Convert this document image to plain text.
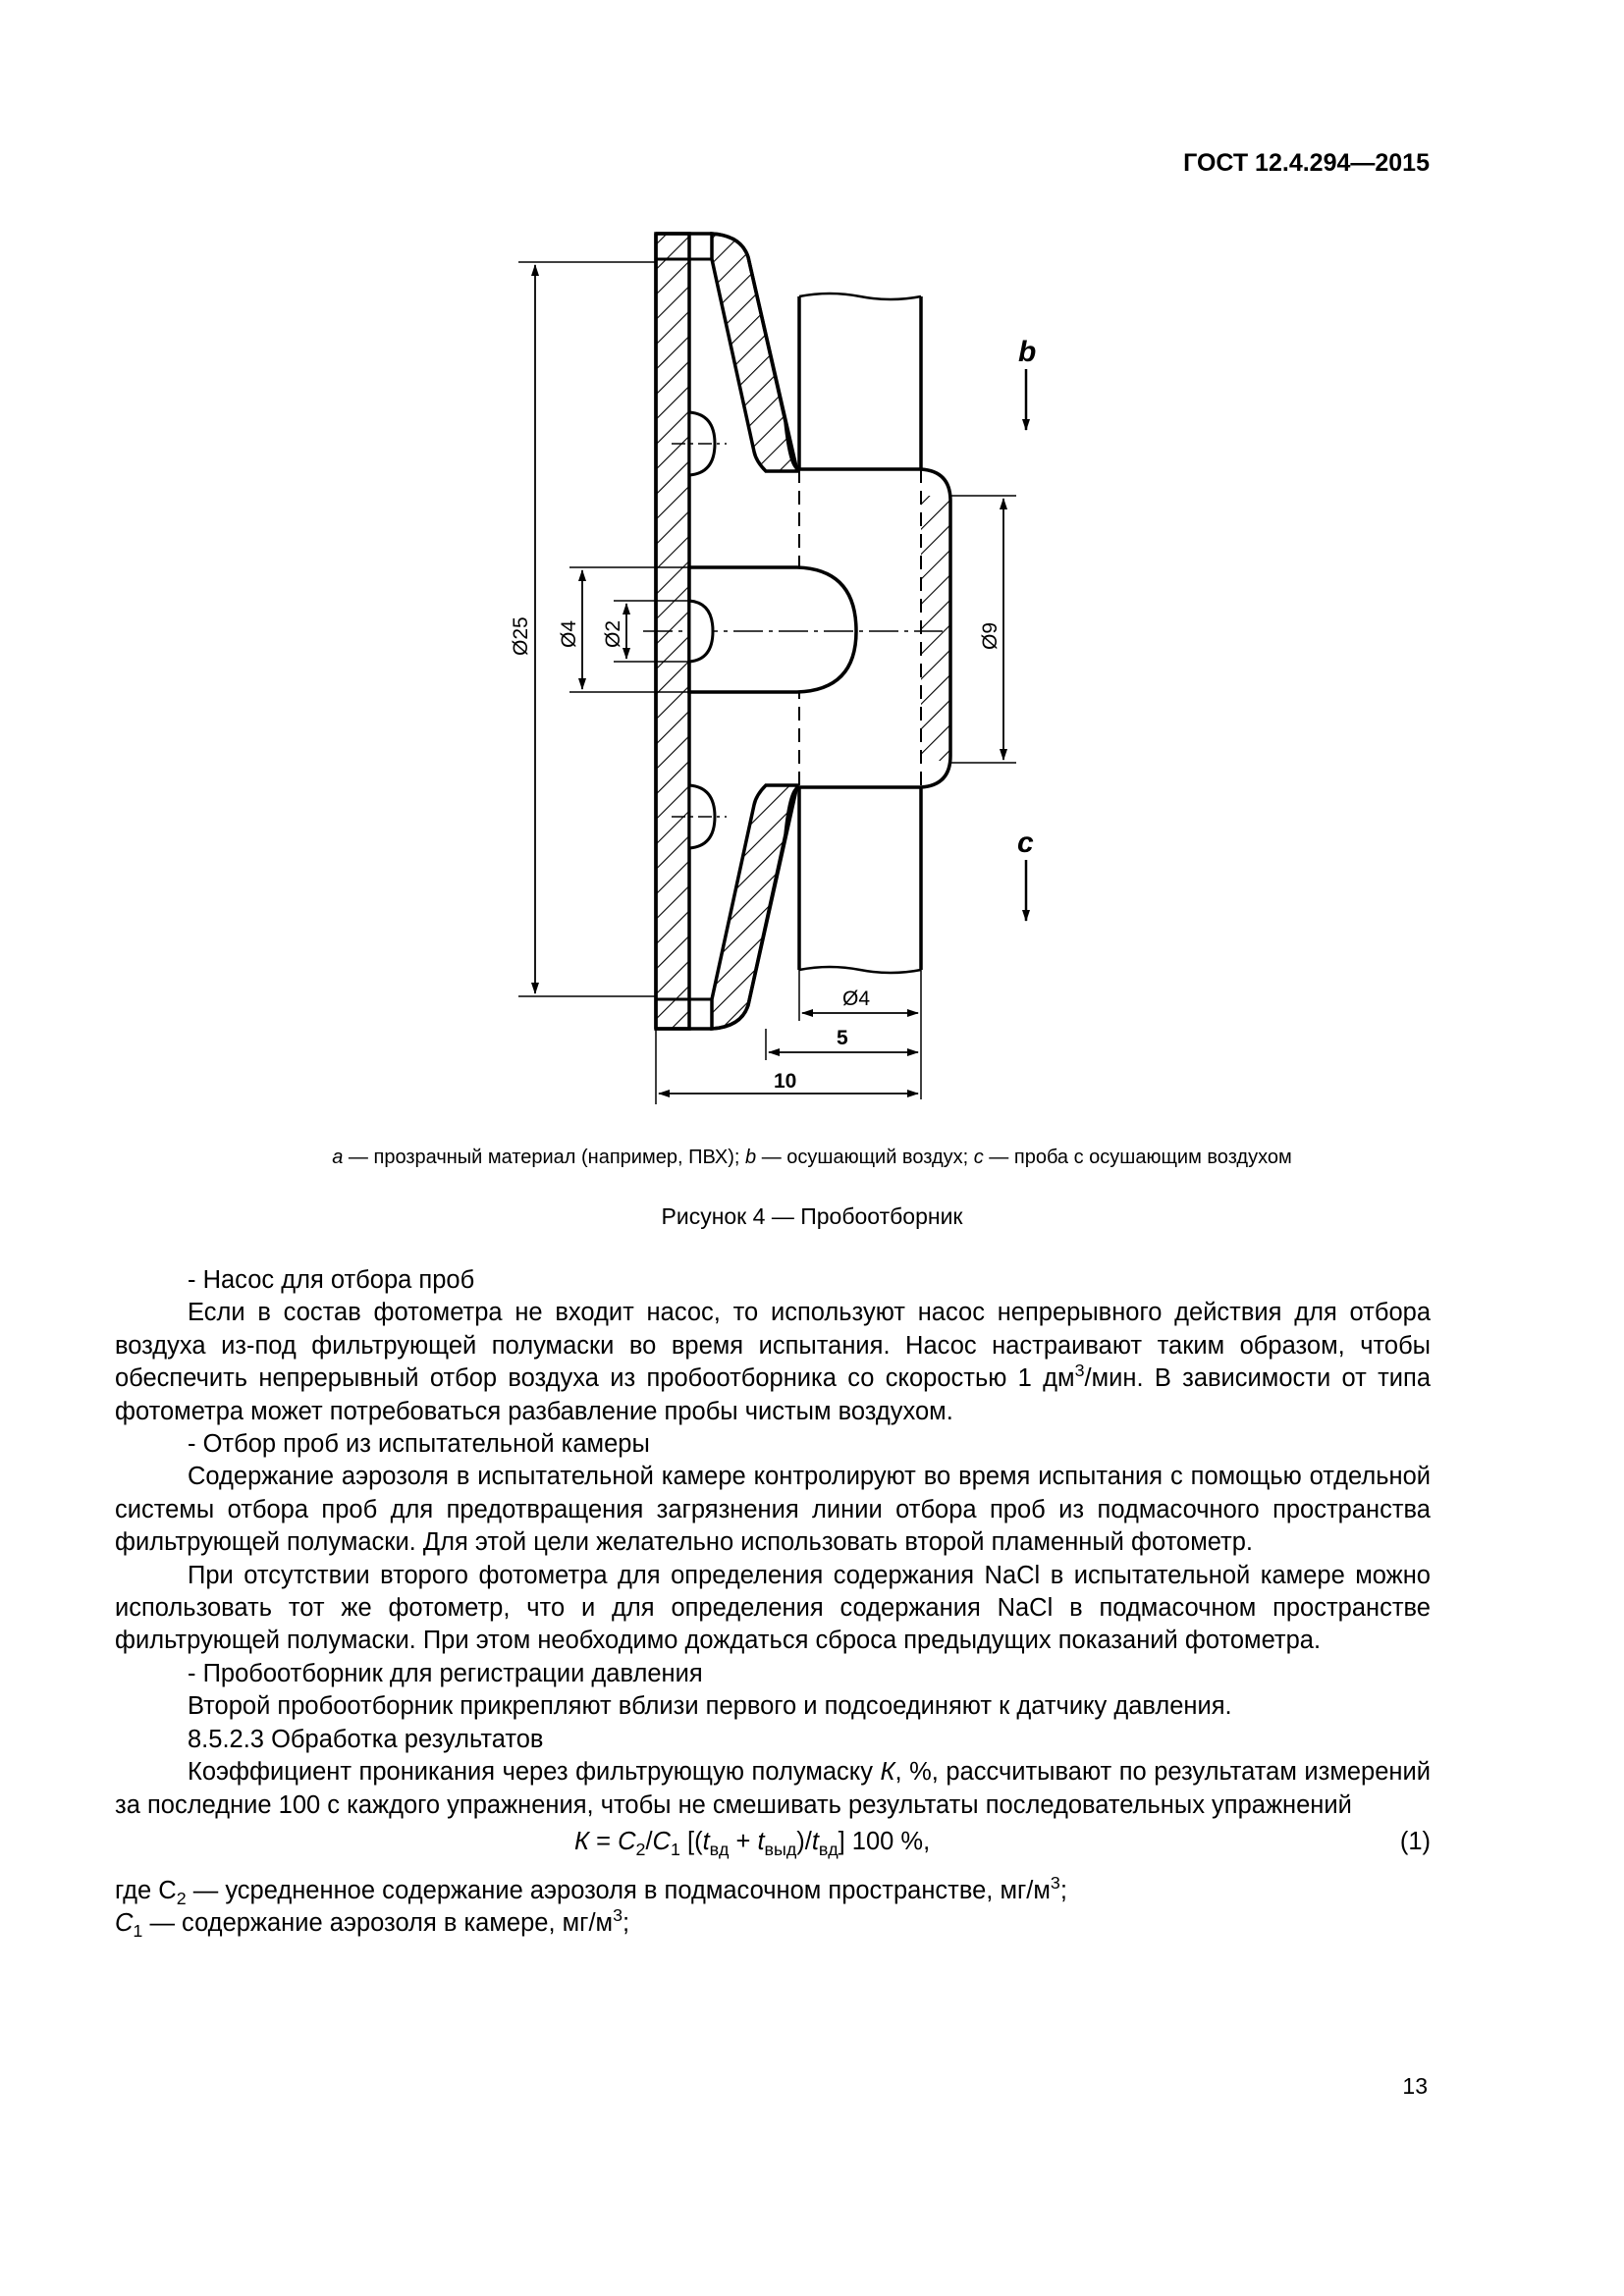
ГОСТ 12.4.294—2015
Ø25 Ø4 Ø2	Ø9
Ø4
5
10
b
c
a — прозрачный материал (например, ПВХ); b — осушающий воздух; c — проба с осушающим воздухом
Рисунок 4 — Пробоотборник

- Насос для отбора проб

Если в состав фотометра не входит насос, то используют насос непрерывного действия для отбора воздуха из-под фильтрующей полумаски во время испытания. Насос настраивают таким образом, чтобы обеспечить непрерывный отбор воздуха из пробоотборника со скоростью 1 $дм^3$/мин. В зависимости от типа фотометра может потребоваться разбавление пробы чистым воздухом.

- Отбор проб из испытательной камеры

Содержание аэрозоля в испытательной камере контролируют во время испытания с помощью отдельной системы отбора проб для предотвращения загрязнения линии отбора проб из подмасочного пространства фильтрующей полумаски. Для этой цели желательно использовать второй пламенный фотометр.

При отсутствии второго фотометра для определения содержания NaCl в испытательной камере можно использовать тот же фотометр, что и для определения содержания NaCl в подмасочном пространстве фильтрующей полумаски. При этом необходимо дождаться сброса предыдущих показаний фотометра.

- Пробоотборник для регистрации давления

Второй пробоотборник прикрепляют вблизи первого и подсоединяют к датчику давления.

8.5.2.3 Обработка результатов

Коэффициент проникания через фильтрующую полумаску К, %, рассчитывают по результатам измерений за последние 100 с каждого упражнения, чтобы не смешивать результаты последовательных упражнений

$К = C_2/C_1$ $[(t_{вд} + t_{выд})/t_{вд}]$ 100 %,	(1)

где $C_2$ — усредненное содержание аэрозоля в подмасочном пространстве, $мг/м^3$;

$C_1$ — содержание аэрозоля в камере, $мг/м^3$;

13
